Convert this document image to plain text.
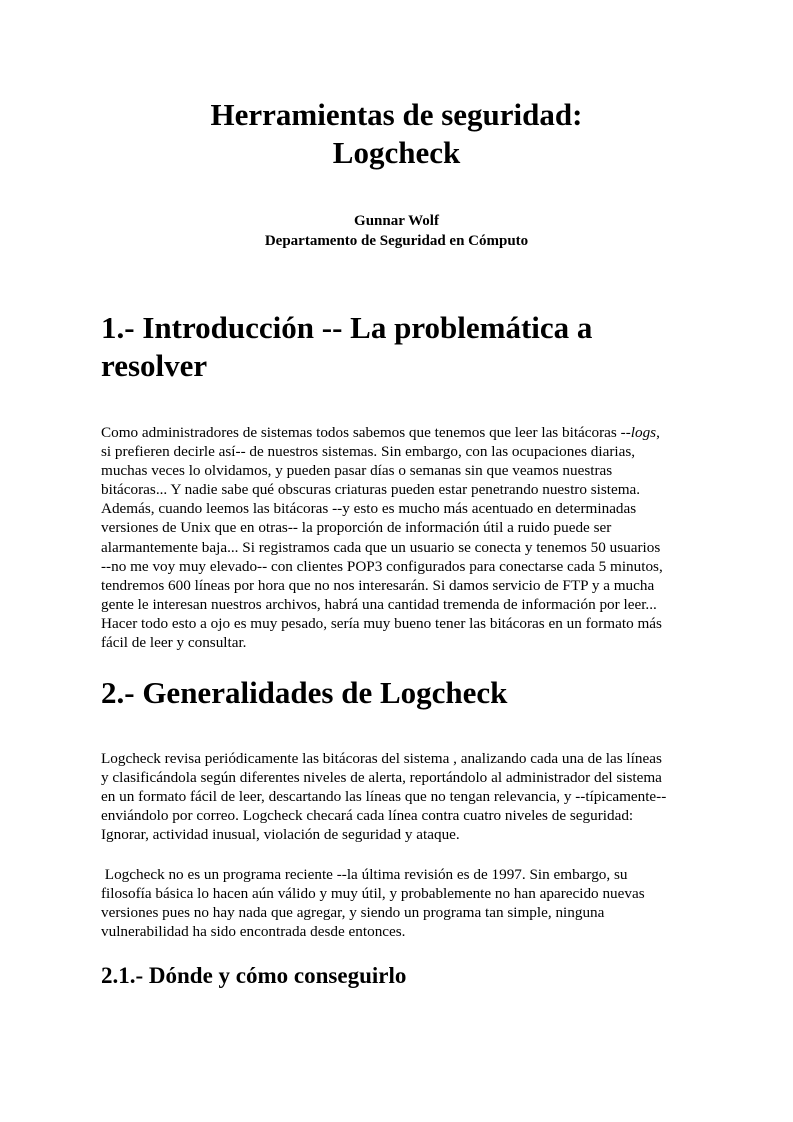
Herramientas de seguridad:
Logcheck

Gunnar Wolf

Departamento de Seguridad en Cómputo

1.- Introducción -- La problemática a
resolver
Como administradores de sistemas todos sabemos que tenemos que leer las bitácoras --logs,
si prefieren decirle así-- de nuestros sistemas. Sin embargo, con las ocupaciones diarias,
muchas veces lo olvidamos, y pueden pasar días o semanas sin que veamos nuestras
bitácoras... Y nadie sabe qué obscuras criaturas pueden estar penetrando nuestro sistema.
Además, cuando leemos las bitácoras --y esto es mucho más acentuado en determinadas
versiones de Unix que en otras-- la proporción de información útil a ruido puede ser
alarmantemente baja... Si registramos cada que un usuario se conecta y tenemos 50 usuarios
--no me voy muy elevado-- con clientes POP3 configurados para conectarse cada 5 minutos,
tendremos 600 líneas por hora que no nos interesarán. Si damos servicio de FTP y a mucha
gente le interesan nuestros archivos, habrá una cantidad tremenda de información por leer...
Hacer todo esto a ojo es muy pesado, sería muy bueno tener las bitácoras en un formato más
fácil de leer y consultar.
2.- Generalidades de Logcheck
Logcheck revisa periódicamente las bitácoras del sistema , analizando cada una de las líneas
y clasificándola según diferentes niveles de alerta, reportándolo al administrador del sistema
en un formato fácil de leer, descartando las líneas que no tengan relevancia, y --típicamente--
enviándolo por correo. Logcheck checará cada línea contra cuatro niveles de seguridad:
Ignorar, actividad inusual, violación de seguridad y ataque.
Logcheck no es un programa reciente --la última revisión es de 1997. Sin embargo, su
filosofía básica lo hacen aún válido y muy útil, y probablemente no han aparecido nuevas
versiones pues no hay nada que agregar, y siendo un programa tan simple, ninguna
vulnerabilidad ha sido encontrada desde entonces.
2.1.- Dónde y cómo conseguirlo
